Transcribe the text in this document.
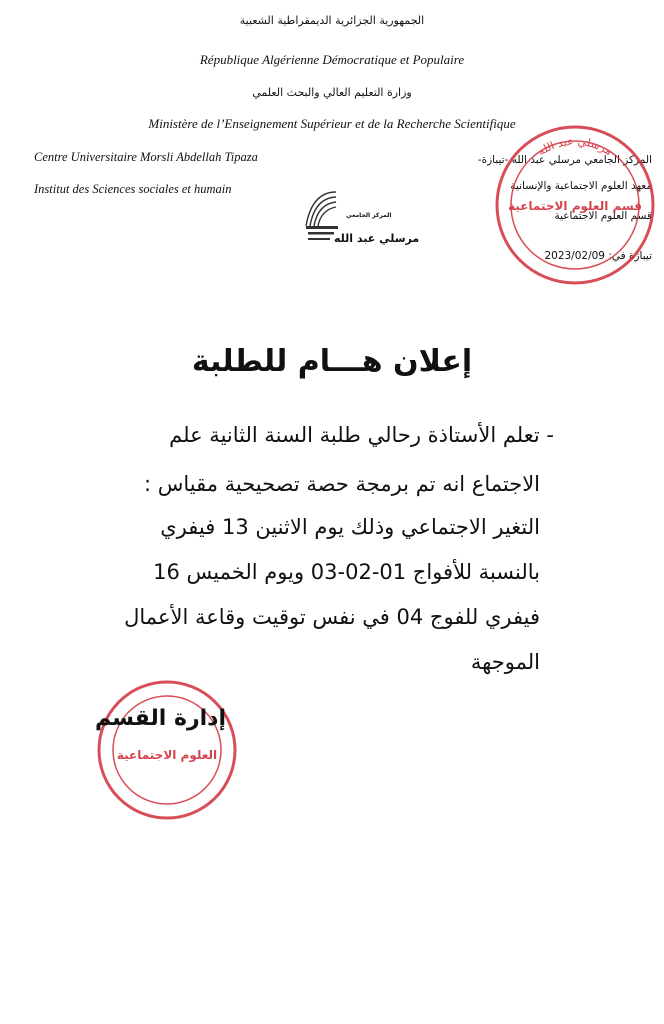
الجمهورية الجزائرية الديمقراطية الشعبية
République Algérienne Démocratique et Populaire
وزارة التعليم العالي والبحث العلمي
Ministère de l’Enseignement Supérieur et de la Recherche Scientifique
Centre Universitaire Morsli Abdellah Tipaza
Institut des Sciences sociales et humain
المركز الجامعي مرسلي عبد الله -تيبازة-
معهد العلوم الاجتماعية والإنسانية
قسم العلوم الاجتماعية
تيبازة في: 2023/02/09
المركز الجامعي
مرسلي عبد الله
مرسلي عبد الله
قسم العلوم الاجتماعية
إعلان هـــام للطلبة
- تعلم الأستاذة رحالي طلبة السنة الثانية علم
الاجتماع انه تم برمجة حصة تصحيحية مقياس :
التغير الاجتماعي وذلك يوم الاثنين 13 فيفري
بالنسبة للأفواج 01-02-03 ويوم الخميس 16
فيفري للفوج 04 في نفس توقيت وقاعة الأعمال
الموجهة
العلوم الاجتماعية
إدارة القسم
